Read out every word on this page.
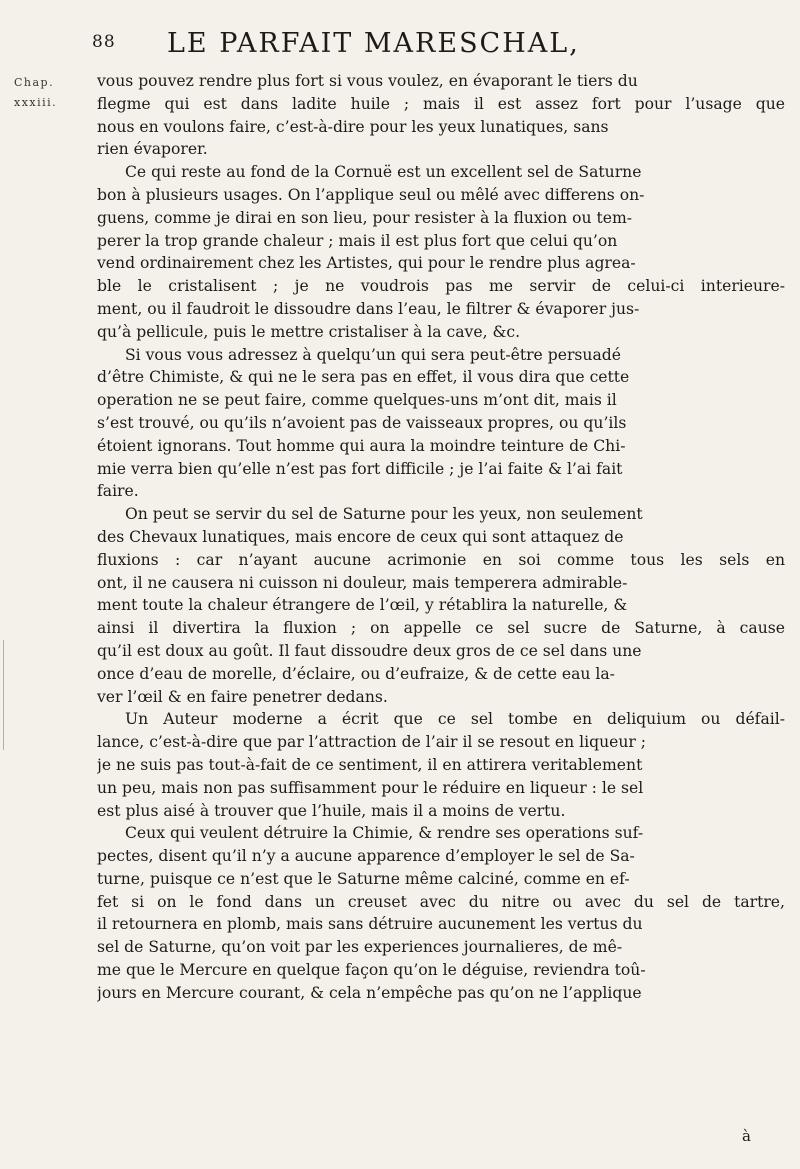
88 LE PARFAIT MARESCHAL,
Chap.
xxxiii.
vous pouvez rendre plus fort si vous voulez, en évaporant le tiers du
flegme qui est dans ladite huile ; mais il est assez fort pour l’usage que
nous en voulons faire, c’est-à-dire pour les yeux lunatiques, sans
rien évaporer.
Ce qui reste au fond de la Cornuë est un excellent sel de Saturne
bon à plusieurs usages. On l’applique seul ou mêlé avec differens on-
guens, comme je dirai en son lieu, pour resister à la fluxion ou tem-
perer la trop grande chaleur ; mais il est plus fort que celui qu’on
vend ordinairement chez les Artistes, qui pour le rendre plus agrea-
ble le cristalisent ; je ne voudrois pas me servir de celui-ci interieure-
ment, ou il faudroit le dissoudre dans l’eau, le filtrer & évaporer jus-
qu’à pellicule, puis le mettre cristaliser à la cave, &c.
Si vous vous adressez à quelqu’un qui sera peut-être persuadé
d’être Chimiste, & qui ne le sera pas en effet, il vous dira que cette
operation ne se peut faire, comme quelques-uns m’ont dit, mais il
s’est trouvé, ou qu’ils n’avoient pas de vaisseaux propres, ou qu’ils
étoient ignorans. Tout homme qui aura la moindre teinture de Chi-
mie verra bien qu’elle n’est pas fort difficile ; je l’ai faite & l’ai fait
faire.
On peut se servir du sel de Saturne pour les yeux, non seulement
des Chevaux lunatiques, mais encore de ceux qui sont attaquez de
fluxions : car n’ayant aucune acrimonie en soi comme tous les sels en
ont, il ne causera ni cuisson ni douleur, mais temperera admirable-
ment toute la chaleur étrangere de l’œil, y rétablira la naturelle, &
ainsi il divertira la fluxion ; on appelle ce sel sucre de Saturne, à cause
qu’il est doux au goût. Il faut dissoudre deux gros de ce sel dans une
once d’eau de morelle, d’éclaire, ou d’eufraize, & de cette eau la-
ver l’œil & en faire penetrer dedans.
Un Auteur moderne a écrit que ce sel tombe en deliquium ou défail-
lance, c’est-à-dire que par l’attraction de l’air il se resout en liqueur ;
je ne suis pas tout-à-fait de ce sentiment, il en attirera veritablement
un peu, mais non pas suffisamment pour le réduire en liqueur : le sel
est plus aisé à trouver que l’huile, mais il a moins de vertu.
Ceux qui veulent détruire la Chimie, & rendre ses operations suf-
pectes, disent qu’il n’y a aucune apparence d’employer le sel de Sa-
turne, puisque ce n’est que le Saturne même calciné, comme en ef-
fet si on le fond dans un creuset avec du nitre ou avec du sel de tartre,
il retournera en plomb, mais sans détruire aucunement les vertus du
sel de Saturne, qu’on voit par les experiences journalieres, de mê-
me que le Mercure en quelque façon qu’on le déguise, reviendra toû-
jours en Mercure courant, & cela n’empêche pas qu’on ne l’applique
à
